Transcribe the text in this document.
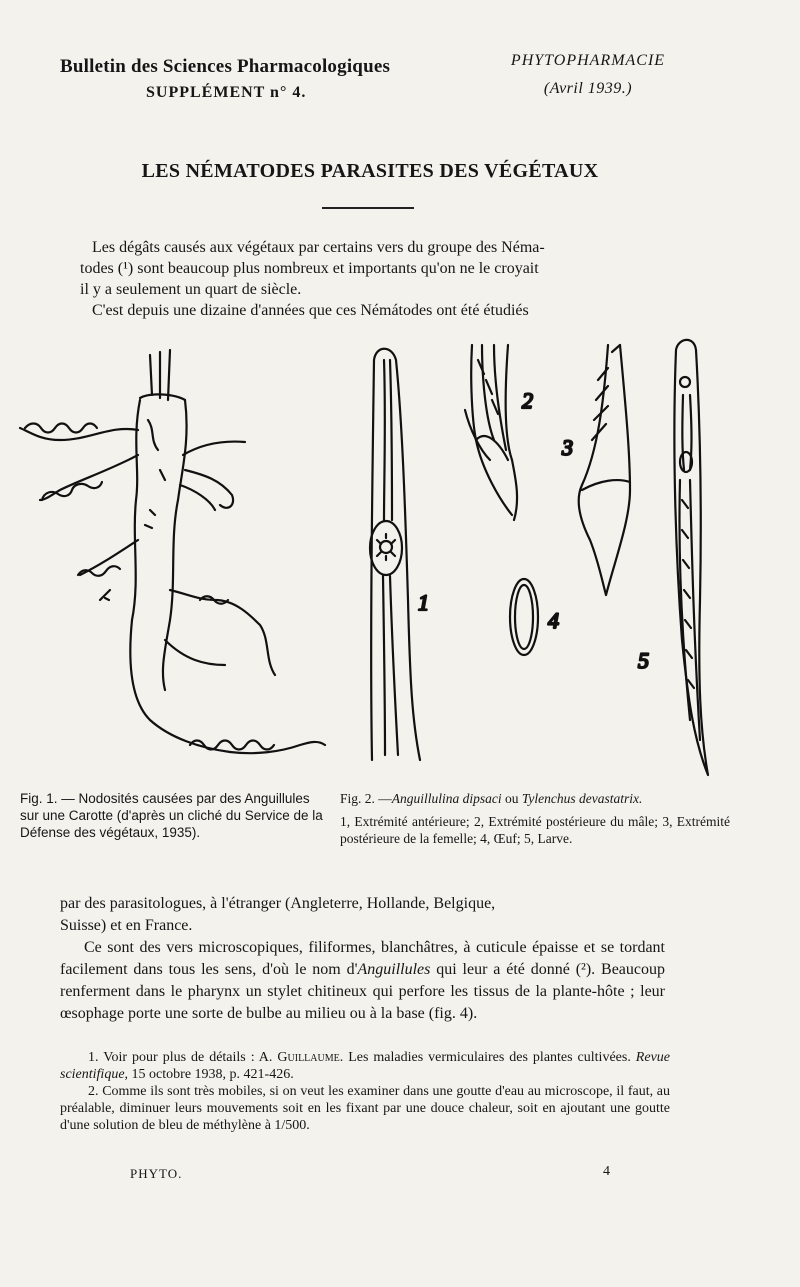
Bulletin des Sciences Pharmacologiques
SUPPLÉMENT n° 4.
PHYTOPHARMACIE
(Avril 1939.)
LES NÉMATODES PARASITES DES VÉGÉTAUX

Les dégâts causés aux végétaux par certains vers du groupe des Néma-

todes (¹) sont beaucoup plus nombreux et importants qu'on ne le croyait

il y a seulement un quart de siècle.

C'est depuis une dizaine d'années que ces Némátodes ont été étudiés

1
2
3
4
5
Fig. 1. — Nodosités causées par des Anguillules sur une Carotte (d'après un cliché du Service de la Défense des végétaux, 1935).
Fig. 2. —Anguillulina dipsaci ou Tylenchus devastatrix.
1, Extrémité antérieure; 2, Extrémité postérieure du mâle; 3, Extrémité postérieure de la femelle; 4, Œuf; 5, Larve.

par des parasitologues, à l'étranger (Angleterre, Hollande, Belgique,

Suisse) et en France.

Ce sont des vers microscopiques, filiformes, blanchâtres, à cuticule épaisse et se tordant facilement dans tous les sens, d'où le nom d'Anguillules qui leur a été donné (²). Beaucoup renferment dans le pharynx un stylet chitineux qui perfore les tissus de la plante-hôte ; leur œsophage porte une sorte de bulbe au milieu ou à la base (fig. 4).

1. Voir pour plus de détails : A. Guillaume. Les maladies vermiculaires des plantes cultivées. Revue scientifique, 15 octobre 1938, p. 421-426.

2. Comme ils sont très mobiles, si on veut les examiner dans une goutte d'eau au microscope, il faut, au préalable, diminuer leurs mouvements soit en les fixant par une douce chaleur, soit en ajoutant une goutte d'une solution de bleu de méthylène à 1/500.

PHYTO.	4
